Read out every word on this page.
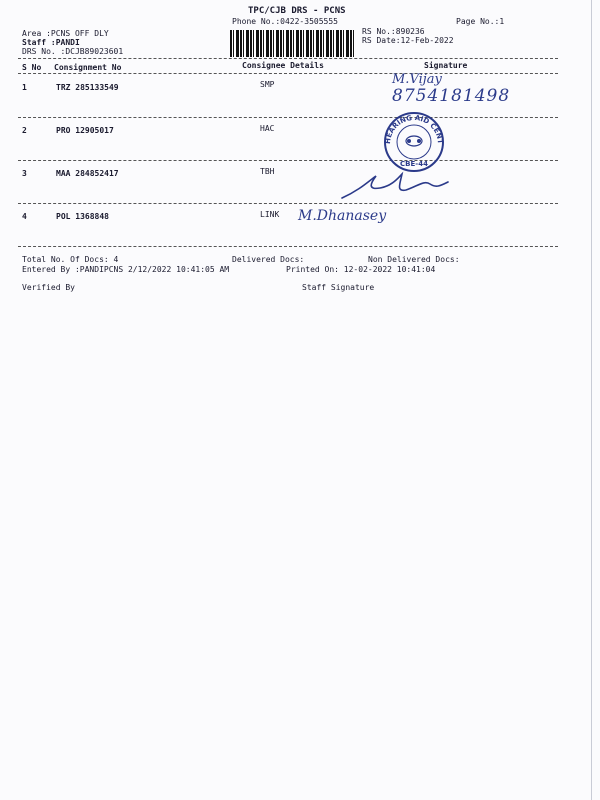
TPC/CJB DRS - PCNS
Phone No.:0422-3505555	Page No.:1
Area :PCNS OFF DLY
Staff :PANDI
DRS No. :DCJB89023601
RS No.:890236
RS Date:12-Feb-2022
S No Consignment No	Consignee Details	Signature
1	TRZ 285133549	SMP
2	PRO 12905017	HAC
3	MAA 284852417	TBH
4	POL 1368848	LINK
M.Vijay
8754181498
HEARING AID CENT
CBE-44
M.Dhanasey
Total No. Of Docs: 4	Delivered Docs:	Non Delivered Docs:
Entered By :PANDIPCNS 2/12/2022 10:41:05 AM	Printed On: 12-02-2022 10:41:04
Verified By	Staff Signature
